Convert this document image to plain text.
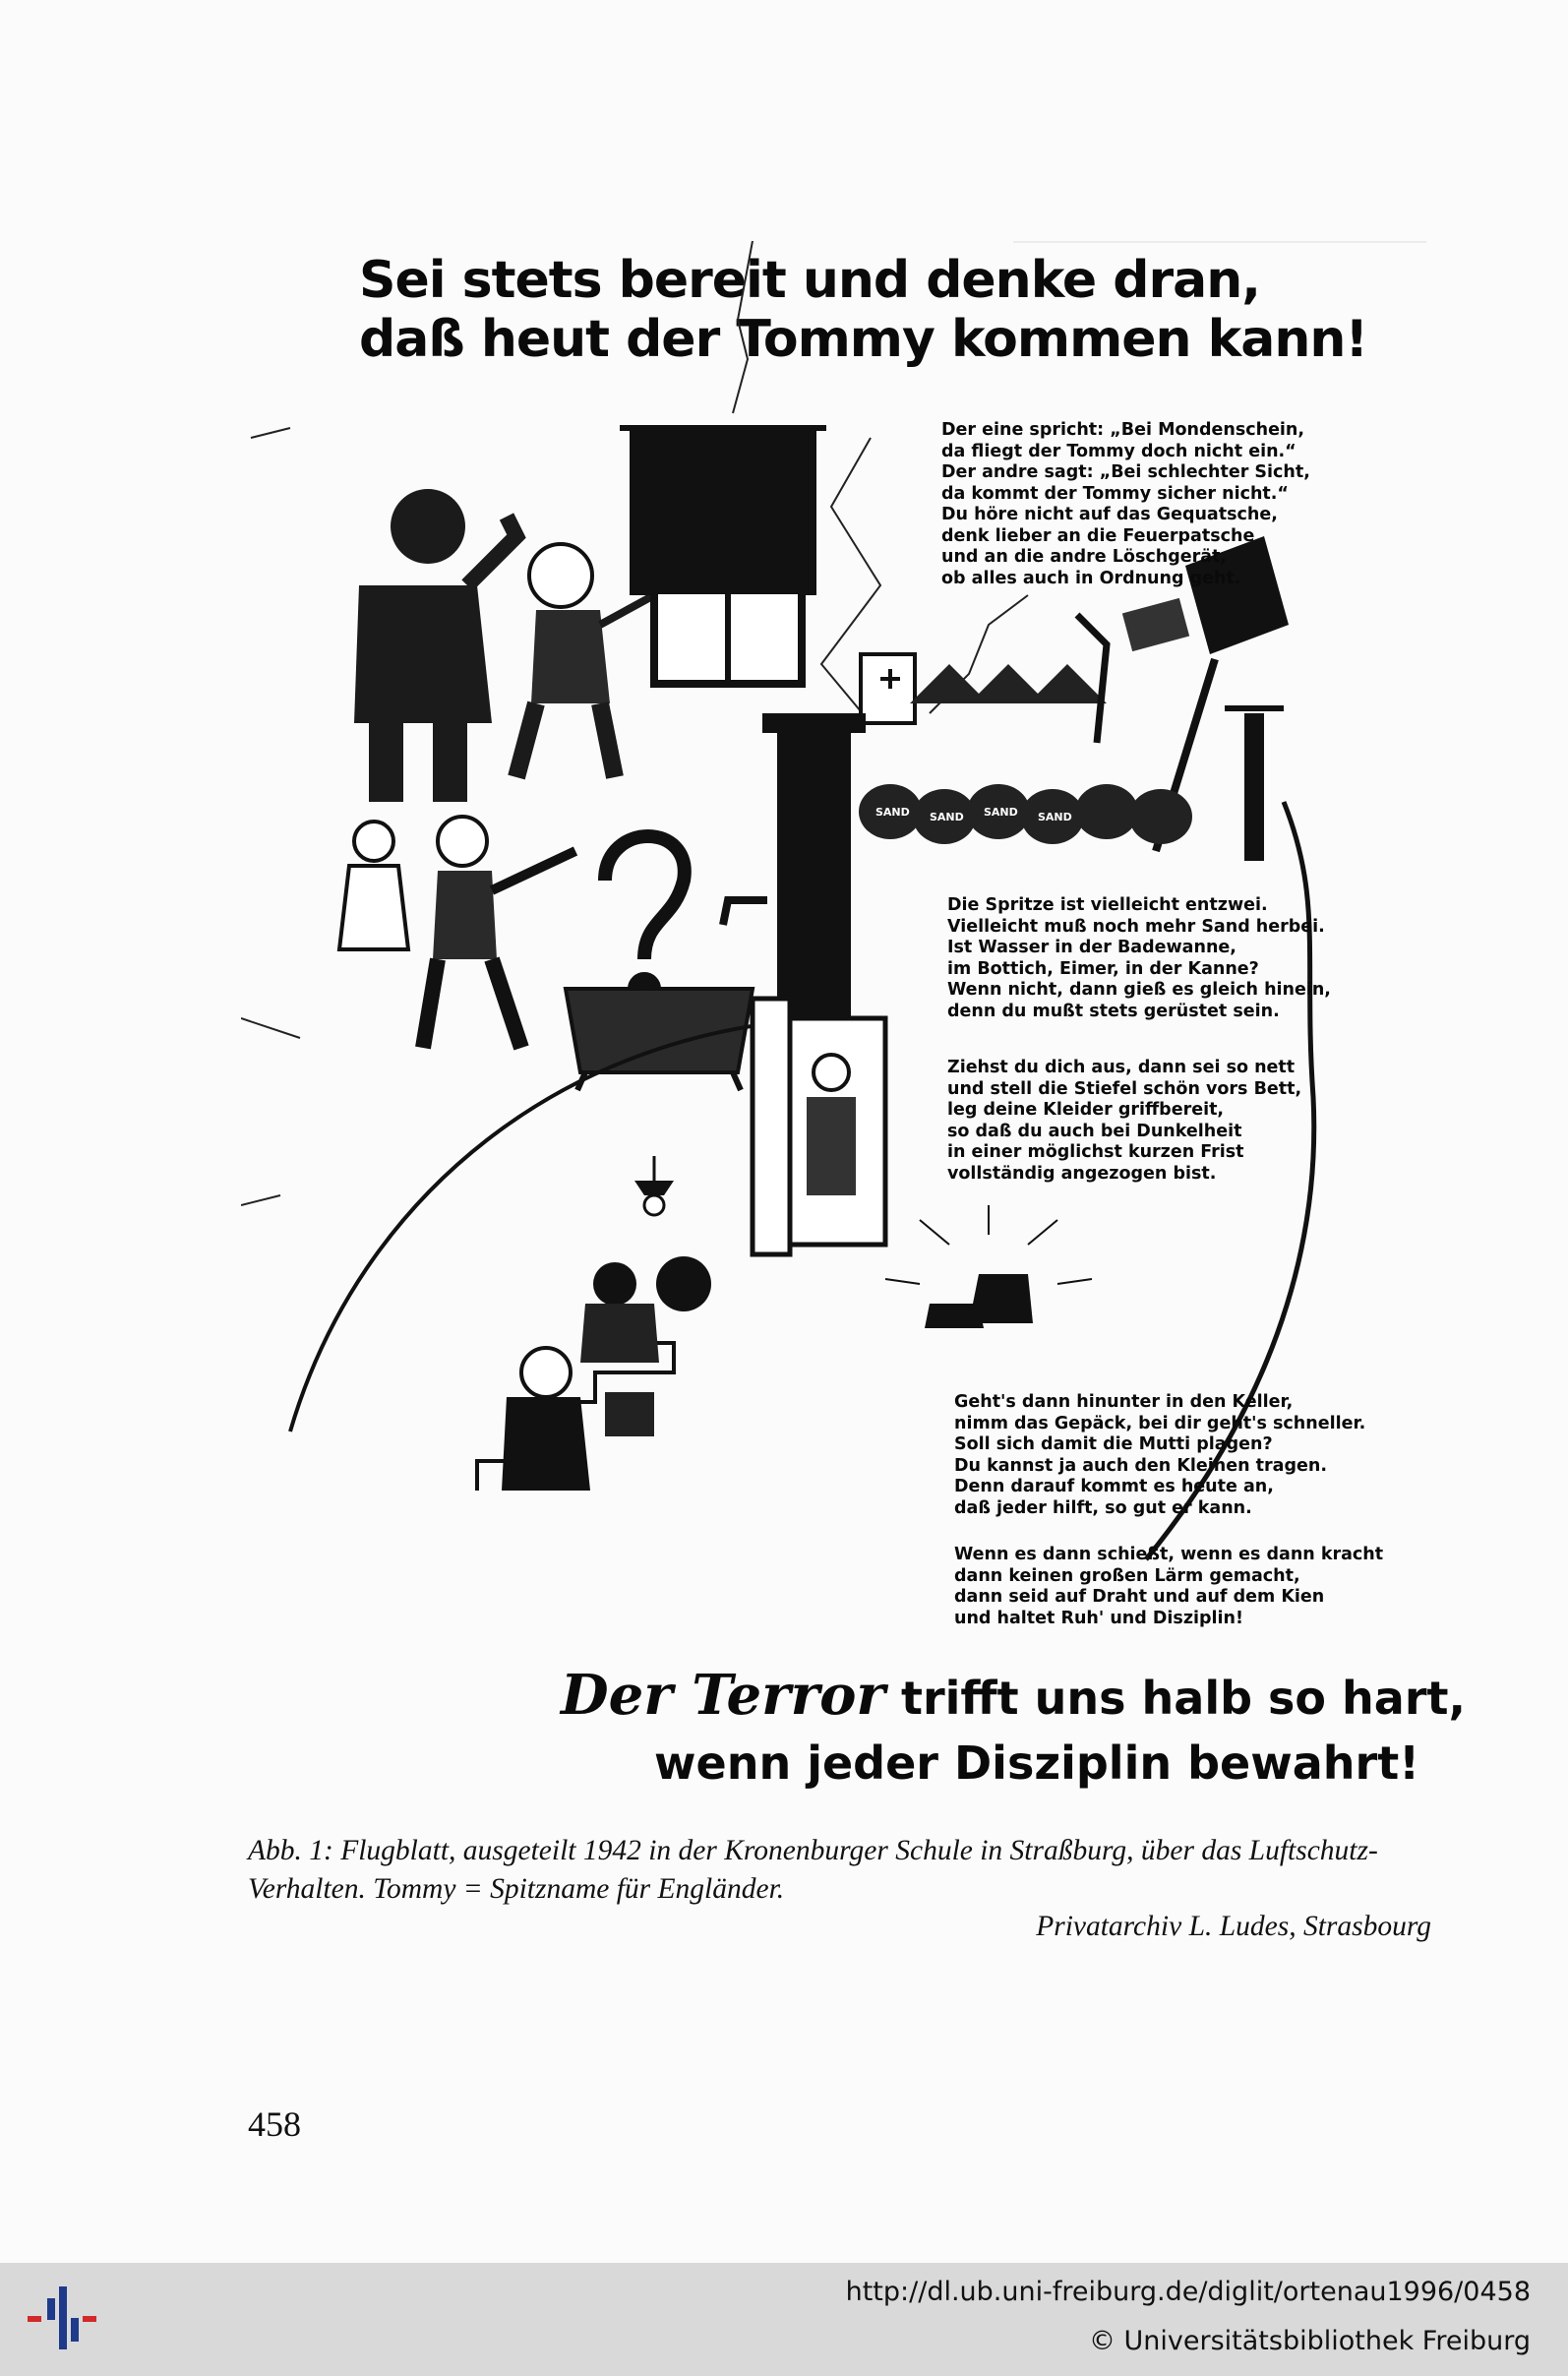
Sei stets bereit und denke dran,
daß heut der Tommy kommen kann!
SAND SAND SAND SAND
Der eine spricht: „Bei Mondenschein,
da fliegt der Tommy doch nicht ein.“
Der andre sagt: „Bei schlechter Sicht,
da kommt der Tommy sicher nicht.“
Du höre nicht auf das Gequatsche,
denk lieber an die Feuerpatsche
und an die andre Löschgerät,
ob alles auch in Ordnung geht.
Die Spritze ist vielleicht entzwei.
Vielleicht muß noch mehr Sand herbei.
Ist Wasser in der Badewanne,
im Bottich, Eimer, in der Kanne?
Wenn nicht, dann gieß es gleich hinein,
denn du mußt stets gerüstet sein.
Ziehst du dich aus, dann sei so nett
und stell die Stiefel schön vors Bett,
leg deine Kleider griffbereit,
so daß du auch bei Dunkelheit
in einer möglichst kurzen Frist
vollständig angezogen bist.
Geht's dann hinunter in den Keller,
nimm das Gepäck, bei dir geht's schneller.
Soll sich damit die Mutti plagen?
Du kannst ja auch den Kleinen tragen.
Denn darauf kommt es heute an,
daß jeder hilft, so gut er kann.
Wenn es dann schießt, wenn es dann kracht
dann keinen großen Lärm gemacht,
dann seid auf Draht und auf dem Kien
und haltet Ruh' und Disziplin!
Der Terror trifft uns halb so hart,
wenn jeder Disziplin bewahrt!
Abb. 1: Flugblatt, ausgeteilt 1942 in der Kronenburger Schule in Straßburg, über das Luftschutz-Verhalten. Tommy = Spitzname für Engländer.
Privatarchiv L. Ludes, Strasbourg
458
http://dl.ub.uni-freiburg.de/diglit/ortenau1996/0458
© Universitätsbibliothek Freiburg
